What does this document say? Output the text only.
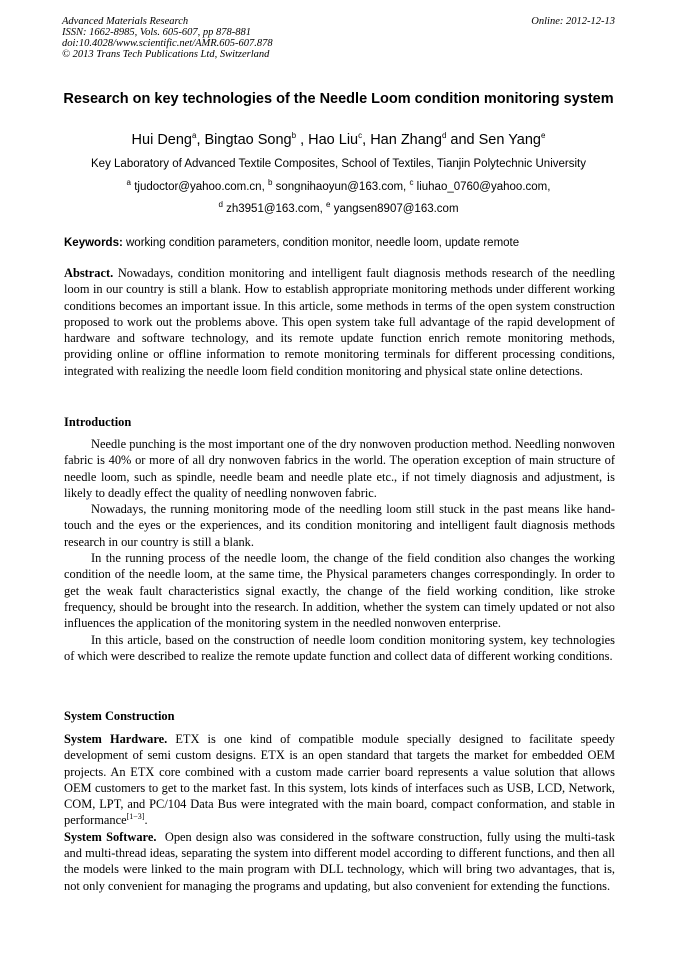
Advanced Materials Research
ISSN: 1662-8985, Vols. 605-607, pp 878-881
doi:10.4028/www.scientific.net/AMR.605-607.878
© 2013 Trans Tech Publications Ltd, Switzerland
Online: 2012-12-13
Research on key technologies of the Needle Loom condition monitoring system
Hui Deng$^a$, Bingtao Song$^b$ , Hao Liu$^c$, Han Zhang$^d$ and Sen Yang$^e$
Key Laboratory of Advanced Textile Composites, School of Textiles, Tianjin Polytechnic University
$^a$ tjudoctor@yahoo.com.cn, $^b$ songnihaoyun@163.com, $^c$ liuhao_0760@yahoo.com,
$^d$ zh3951@163.com, $^e$ yangsen8907@163.com
Keywords: working condition parameters, condition monitor, needle loom, update remote

Abstract. Nowadays, condition monitoring and intelligent fault diagnosis methods research of the needling loom in our country is still a blank. How to establish appropriate monitoring methods under different working conditions becomes an important issue. In this article, some methods in terms of the open system construction proposed to work out the problems above. This open system take full advantage of the rapid development of hardware and software technology, and its remote update function enrich remote monitoring methods, providing online or offline information to remote monitoring terminals for different processing conditions, integrated with realizing the needle loom field condition monitoring and physical state online detections.

Introduction

Needle punching is the most important one of the dry nonwoven production method. Needling nonwoven fabric is 40% or more of all dry nonwoven fabrics in the world. The operation exception of main structure of needle loom, such as spindle, needle beam and needle plate etc., if not timely diagnosis and adjustment, is likely to deadly effect the quality of needling nonwoven fabric.

Nowadays, the running monitoring mode of the needling loom still stuck in the past means like hand-touch and the eyes or the experiences, and its condition monitoring and intelligent fault diagnosis methods research in our country is still a blank.

In the running process of the needle loom, the change of the field condition also changes the working condition of the needle loom, at the same time, the Physical parameters changes correspondingly. In order to get the weak fault characteristics signal exactly, the change of the field working condition, like stroke frequency, should be brought into the research. In addition, whether the system can timely updated or not also influences the application of the monitoring system in the needled nonwoven enterprise.

In this article, based on the construction of needle loom condition monitoring system, key technologies of which were described to realize the remote update function and collect data of different working conditions.

System Construction

System Hardware. ETX is one kind of compatible module specially designed to facilitate speedy development of semi custom designs. ETX is an open standard that targets the market for embedded OEM projects. An ETX core combined with a custom made carrier board represents a value solution that allows OEM customers to get to the market fast. In this system, lots kinds of interfaces such as USB, LCD, Network, COM, LPT, and PC/104 Data Bus were integrated with the main board, compact conformation, and stable in performance[1−3].

System Software. Open design also was considered in the software construction, fully using the multi-task and multi-thread ideas, separating the system into different model according to different functions, and then all the models were linked to the main program with DLL technology, which will bring two advantages, that is, not only convenient for managing the programs and updating, but also convenient for extending the functions.
